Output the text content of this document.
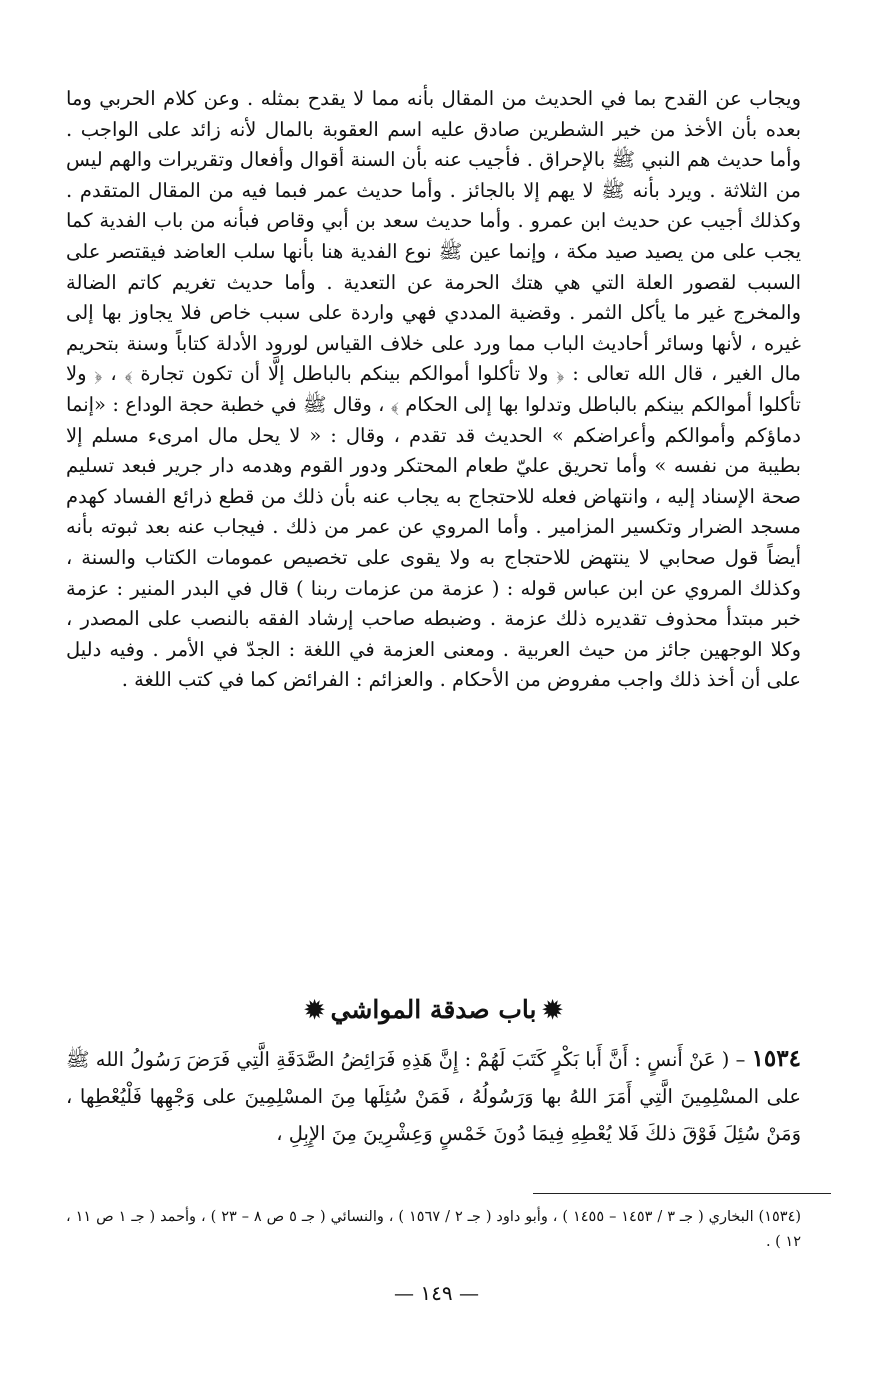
ويجاب عن القدح بما في الحديث من المقال بأنه مما لا يقدح بمثله . وعن كلام الحربي وما بعده بأن الأخذ من خير الشطرين صادق عليه اسم العقوبة بالمال لأنه زائد على الواجب . وأما حديث هم النبي ﷺ بالإحراق . فأجيب عنه بأن السنة أقوال وأفعال وتقريرات والهم ليس من الثلاثة . ويرد بأنه ﷺ لا يهم إلا بالجائز . وأما حديث عمر فبما فيه من المقال المتقدم . وكذلك أجيب عن حديث ابن عمرو . وأما حديث سعد بن أبي وقاص فبأنه من باب الفدية كما يجب على من يصيد صيد مكة ، وإنما عين ﷺ نوع الفدية هنا بأنها سلب العاضد فيقتصر على السبب لقصور العلة التي هي هتك الحرمة عن التعدية . وأما حديث تغريم كاتم الضالة والمخرج غير ما يأكل الثمر . وقضية المددي فهي واردة على سبب خاص فلا يجاوز بها إلى غيره ، لأنها وسائر أحاديث الباب مما ورد على خلاف القياس لورود الأدلة كتاباً وسنة بتحريم مال الغير ، قال الله تعالى : ﴿ ولا تأكلوا أموالكم بينكم بالباطل إلَّا أن تكون تجارة ﴾ ، ﴿ ولا تأكلوا أموالكم بينكم بالباطل وتدلوا بها إلى الحكام ﴾ ، وقال ﷺ في خطبة حجة الوداع : «إنما دماؤكم وأموالكم وأعراضكم » الحديث قد تقدم ، وقال : « لا يحل مال امرىء مسلم إلا بطيبة من نفسه » وأما تحريق عليّ طعام المحتكر ودور القوم وهدمه دار جرير فبعد تسليم صحة الإسناد إليه ، وانتهاض فعله للاحتجاج به يجاب عنه بأن ذلك من قطع ذرائع الفساد كهدم مسجد الضرار وتكسير المزامير . وأما المروي عن عمر من ذلك . فيجاب عنه بعد ثبوته بأنه أيضاً قول صحابي لا ينتهض للاحتجاج به ولا يقوى على تخصيص عمومات الكتاب والسنة ، وكذلك المروي عن ابن عباس قوله : ( عزمة من عزمات ربنا ) قال في البدر المنير : عزمة خبر مبتدأ محذوف تقديره ذلك عزمة . وضبطه صاحب إرشاد الفقه بالنصب على المصدر ، وكلا الوجهين جائز من حيث العربية . ومعنى العزمة في اللغة : الجدّ في الأمر . وفيه دليل على أن أخذ ذلك واجب مفروض من الأحكام . والعزائم : الفرائض كما في كتب اللغة .

✹باب صدقة المواشي✹

١٥٣٤ – ( عَنْ أَنسٍ : أَنَّ أَبا بَكْرٍ كَتَبَ لَهُمْ : إِنَّ هَذِهِ فَرَائِضُ الصَّدَقَةِ الَّتِي فَرَضَ رَسُولُ الله ﷺ على المسْلِمِينَ الَّتِي أَمَرَ اللهُ بها وَرَسُولُهُ ، فَمَنْ سُئِلَها مِنَ المسْلِمِينَ على وَجْهِها فَلْيُعْطِها ، وَمَنْ سُئِلَ فَوْقَ ذلكَ فَلا يُعْطِهِ فِيمَا دُونَ خَمْسٍ وَعِشْرِينَ مِنَ الإِبِلِ ،

(١٥٣٤) البخاري ( جـ ٣ / ١٤٥٣ – ١٤٥٥ ) ، وأبو داود ( جـ ٢ / ١٥٦٧ ) ، والنسائي ( جـ ٥ ص ٨ – ٢٣ ) ، وأحمد ( جـ ١ ص ١١ ، ١٢ ) .

— ١٤٩ —
